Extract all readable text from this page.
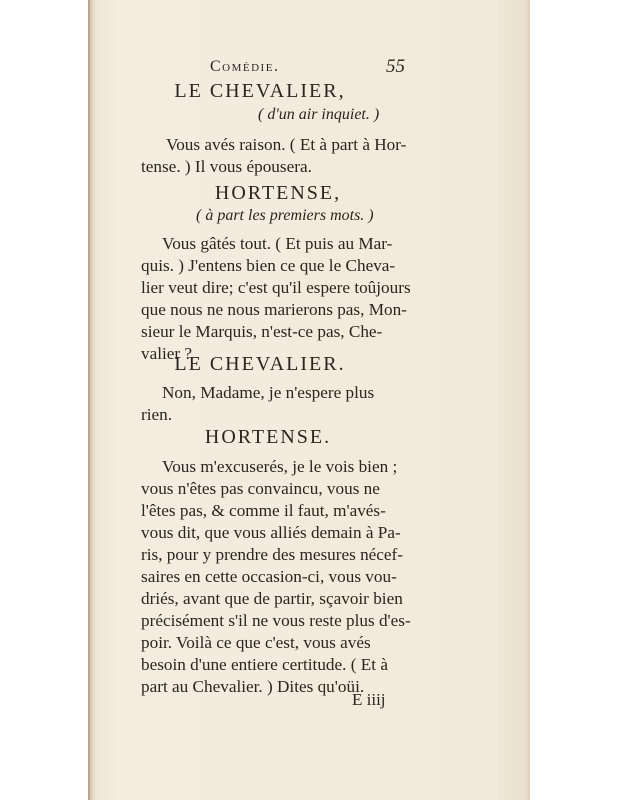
Comédie.	55
LE CHEVALIER,
( d'un air inquiet. )
Vous avés raison. ( Et à part à Hor-
tense. ) Il vous épousera.
HORTENSE,
( à part les premiers mots. )
Vous gâtés tout. ( Et puis au Mar-
quis. ) J'entens bien ce que le Cheva-
lier veut dire; c'est qu'il espere toûjours
que nous ne nous marierons pas, Mon-
sieur le Marquis, n'est-ce pas, Che-
valier ?
LE CHEVALIER.
Non, Madame, je n'espere plus
rien.
HORTENSE.
Vous m'excuserés, je le vois bien ;
vous n'êtes pas convaincu, vous ne
l'êtes pas, & comme il faut, m'avés-
vous dit, que vous alliés demain à Pa-
ris, pour y prendre des mesures nécef-
saires en cette occasion-ci, vous vou-
driés, avant que de partir, sçavoir bien
précisément s'il ne vous reste plus d'es-
poir. Voilà ce que c'est, vous avés
besoin d'une entiere certitude. ( Et à
part au Chevalier. ) Dites qu'oüi.
E iiij
